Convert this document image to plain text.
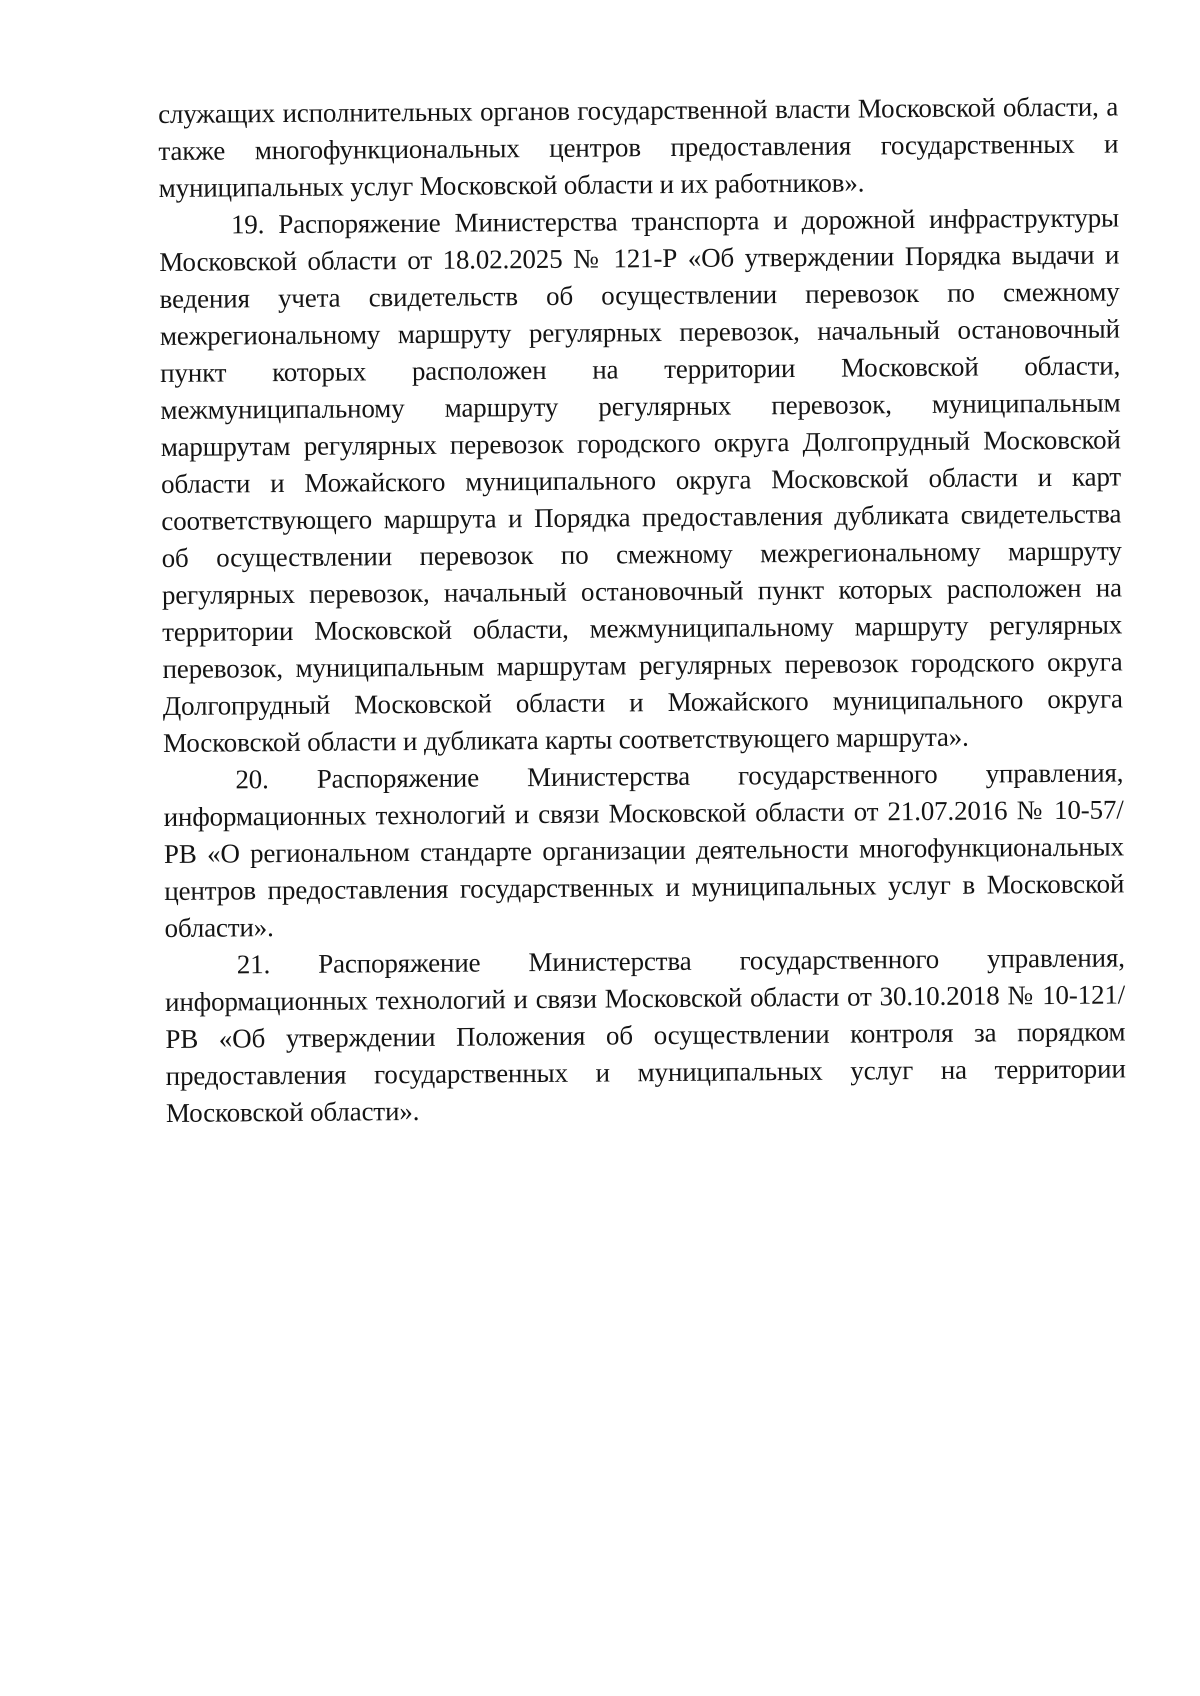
служащих исполнительных органов государственной власти Московской области, а также многофункциональных центров предоставления государственных и муниципальных услуг Московской области и их работников».

19. Распоряжение Министерства транспорта и дорожной инфраструктуры Московской области от 18.02.2025 № 121-Р «Об утверждении Порядка выдачи и ведения учета свидетельств об осуществлении перевозок по смежному межрегиональному маршруту регулярных перевозок, начальный остановочный пункт которых расположен на территории Московской области, межмуниципальному маршруту регулярных перевозок, муниципальным маршрутам регулярных перевозок городского округа Долгопрудный Московской области и Можайского муниципального округа Московской области и карт соответствующего маршрута и Порядка предоставления дубликата свидетельства об осуществлении перевозок по смежному межрегиональному маршруту регулярных перевозок, начальный остановочный пункт которых расположен на территории Московской области, межмуниципальному маршруту регулярных перевозок, муниципальным маршрутам регулярных перевозок городского округа Долгопрудный Московской области и Можайского муниципального округа Московской области и дубликата карты соответствующего маршрута».

20. Распоряжение Министерства государственного управления, информационных технологий и связи Московской области от 21.07.2016 № 10-57/РВ «О региональном стандарте организации деятельности многофункциональных центров предоставления государственных и муниципальных услуг в Московской области».

21. Распоряжение Министерства государственного управления, информационных технологий и связи Московской области от 30.10.2018 № 10-121/РВ «Об утверждении Положения об осуществлении контроля за порядком предоставления государственных и муниципальных услуг на территории Московской области».
